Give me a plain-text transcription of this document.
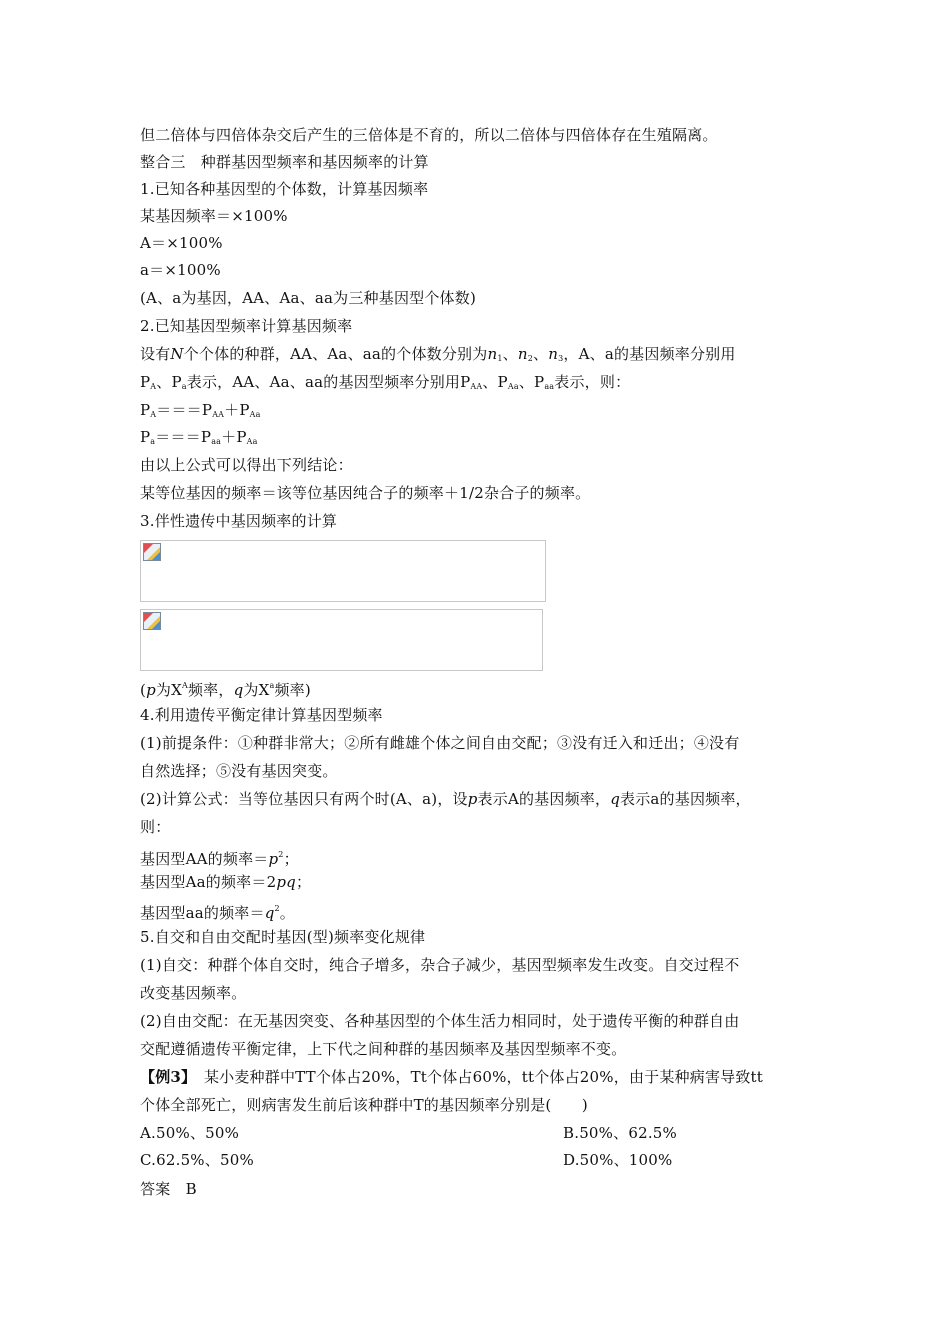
但二倍体与四倍体杂交后产生的三倍体是不育的，所以二倍体与四倍体存在生殖隔离。
整合三　种群基因型频率和基因频率的计算
1.已知各种基因型的个体数，计算基因频率
某基因频率＝×100%
A＝×100%
a＝×100%
(A、a为基因，AA、Aa、aa为三种基因型个体数)
2.已知基因型频率计算基因频率
设有N个个体的种群，AA、Aa、aa的个体数分别为$n_1$、$n_2$、$n_3$，A、a的基因频率分别用
$P_A$、$P_a$表示，AA、Aa、aa的基因型频率分别用$P_{AA}$、$P_{Aa}$、$P_{aa}$表示，则：
$P_A===P_{AA}+P_{Aa}$
$P_a===P_{aa}+P_{Aa}$
由以上公式可以得出下列结论：
某等位基因的频率＝该等位基因纯合子的频率＋1/2杂合子的频率。
3.伴性遗传中基因频率的计算
(p为$X^A$频率，q为$X^a$频率)
4.利用遗传平衡定律计算基因型频率
(1)前提条件：①种群非常大；②所有雌雄个体之间自由交配；③没有迁入和迁出；④没有
自然选择；⑤没有基因突变。
(2)计算公式：当等位基因只有两个时(A、a)，设p表示A的基因频率，q表示a的基因频率，
则：
基因型AA的频率$=p^2$；
基因型Aa的频率＝2pq；
基因型aa的频率$=q^2$。
5.自交和自由交配时基因(型)频率变化规律
(1)自交：种群个体自交时，纯合子增多，杂合子减少，基因型频率发生改变。自交过程不
改变基因频率。
(2)自由交配：在无基因突变、各种基因型的个体生活力相同时，处于遗传平衡的种群自由
交配遵循遗传平衡定律，上下代之间种群的基因频率及基因型频率不变。
【例3】　某小麦种群中TT个体占20%，Tt个体占60%，tt个体占20%，由于某种病害导致tt
个体全部死亡，则病害发生前后该种群中T的基因频率分别是(　　)
A.50%、50%	B.50%、62.5%
C.62.5%、50%	D.50%、100%
答案　B
